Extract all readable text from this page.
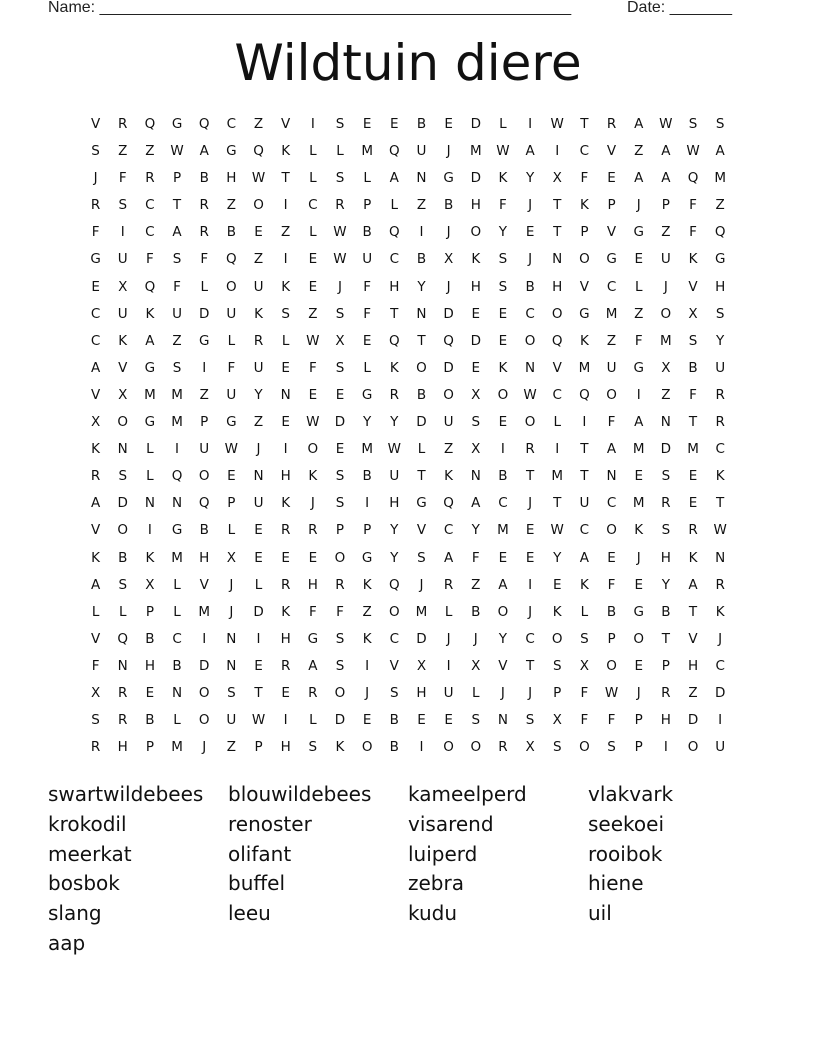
Name: _____________________________________________________	Date: _______
Wildtuin diere
V	R	Q	G	Q	C	Z	V	I	S	E	E	B	E	D	L	I	W	T	R	A	W	S	S
S	Z	Z	W	A	G	Q	K	L	L	M	Q	U	J	M	W	A	I	C	V	Z	A	W	A
J	F	R	P	B	H	W	T	L	S	L	A	N	G	D	K	Y	X	F	E	A	A	Q	M
R	S	C	T	R	Z	O	I	C	R	P	L	Z	B	H	F	J	T	K	P	J	P	F	Z
F	I	C	A	R	B	E	Z	L	W	B	Q	I	J	O	Y	E	T	P	V	G	Z	F	Q
G	U	F	S	F	Q	Z	I	E	W	U	C	B	X	K	S	J	N	O	G	E	U	K	G
E	X	Q	F	L	O	U	K	E	J	F	H	Y	J	H	S	B	H	V	C	L	J	V	H
C	U	K	U	D	U	K	S	Z	S	F	T	N	D	E	E	C	O	G	M	Z	O	X	S
C	K	A	Z	G	L	R	L	W	X	E	Q	T	Q	D	E	O	Q	K	Z	F	M	S	Y
A	V	G	S	I	F	U	E	F	S	L	K	O	D	E	K	N	V	M	U	G	X	B	U
V	X	M	M	Z	U	Y	N	E	E	G	R	B	O	X	O	W	C	Q	O	I	Z	F	R
X	O	G	M	P	G	Z	E	W	D	Y	Y	D	U	S	E	O	L	I	F	A	N	T	R
K	N	L	I	U	W	J	I	O	E	M	W	L	Z	X	I	R	I	T	A	M	D	M	C
R	S	L	Q	O	E	N	H	K	S	B	U	T	K	N	B	T	M	T	N	E	S	E	K
A	D	N	N	Q	P	U	K	J	S	I	H	G	Q	A	C	J	T	U	C	M	R	E	T
V	O	I	G	B	L	E	R	R	P	P	Y	V	C	Y	M	E	W	C	O	K	S	R	W
K	B	K	M	H	X	E	E	E	O	G	Y	S	A	F	E	E	Y	A	E	J	H	K	N
A	S	X	L	V	J	L	R	H	R	K	Q	J	R	Z	A	I	E	K	F	E	Y	A	R
L	L	P	L	M	J	D	K	F	F	Z	O	M	L	B	O	J	K	L	B	G	B	T	K
V	Q	B	C	I	N	I	H	G	S	K	C	D	J	J	Y	C	O	S	P	O	T	V	J
F	N	H	B	D	N	E	R	A	S	I	V	X	I	X	V	T	S	X	O	E	P	H	C
X	R	E	N	O	S	T	E	R	O	J	S	H	U	L	J	J	P	F	W	J	R	Z	D
S	R	B	L	O	U	W	I	L	D	E	B	E	E	S	N	S	X	F	F	P	H	D	I
R	H	P	M	J	Z	P	H	S	K	O	B	I	O	O	R	X	S	O	S	P	I	O	U
swartwildebees	blouwildebees	kameelperd	vlakvark
krokodil	renoster	visarend	seekoei
meerkat	olifant	luiperd	rooibok
bosbok	buffel	zebra	hiene
slang	leeu	kudu	uil
aap
